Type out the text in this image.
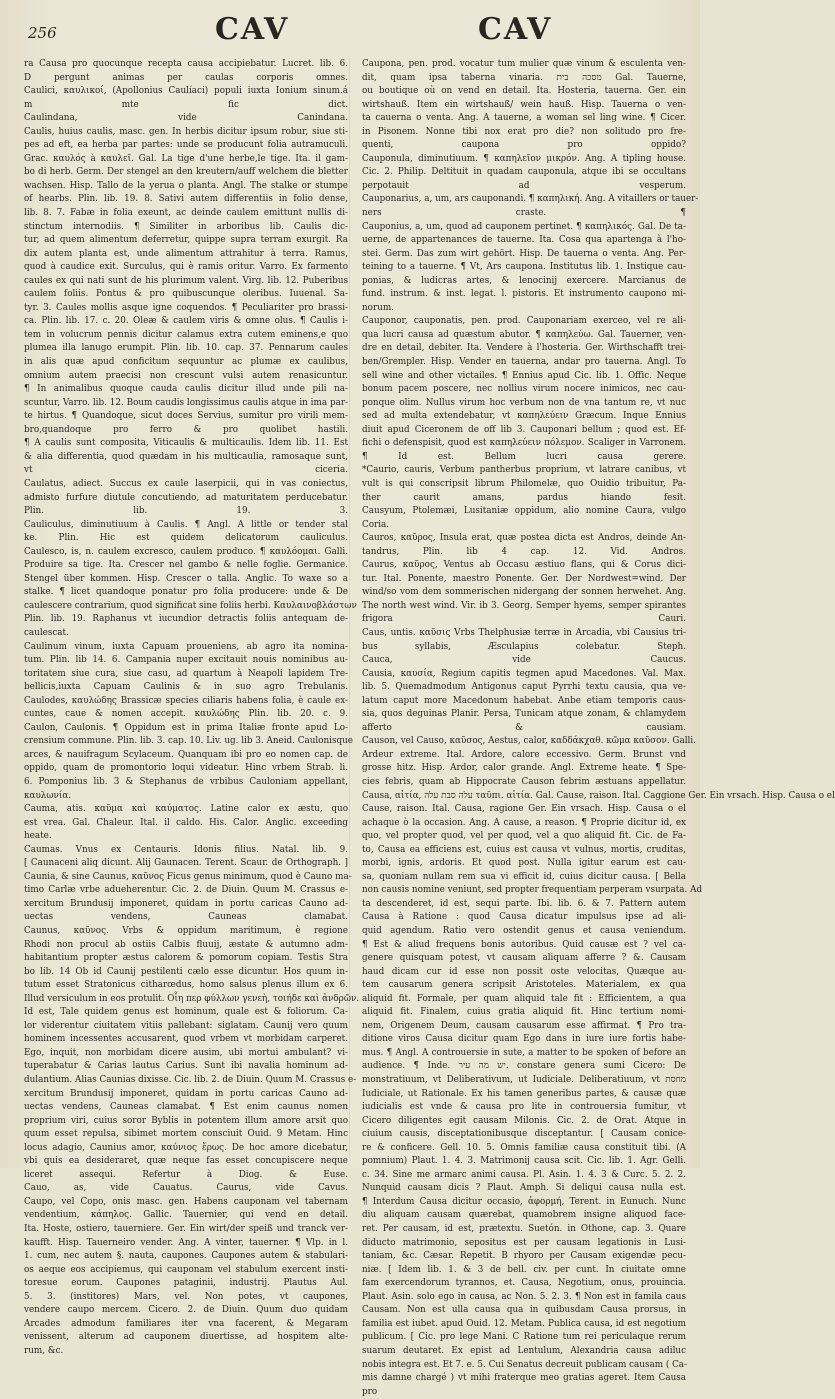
256	CAV	CAV
ra Causa pro quocunque recepta causa accipiebatur. Lucret. lib. 6.
D pergunt animas per caulas corporis omnes.
Caulici, καυλικοί, (Apollonius Caulíaci) populi iuxta Ionium sinum.á
m mte fic dict.
Caulindana, vide Canindana.
Caulis, huius caulis, masc. gen. In herbis dicitur ipsum robur, siue sti-
pes ad eft, ea herba par partes: unde se producunt folia autramuculi.
Grac. καυλός à καυλεῖ. Gal. La tige d'une herbe,le tige. Ita. il gam-
bo di herb. Germ. Der stengel an den kreutern/auff welchem die bletter
wachsen. Hisp. Tallo de la yerua o planta. Angl. The stalke or stumpe
of hearbs. Plin. lib. 19. 8. Sativi autem differentiis in folio dense,
lib. 8. 7. Fabæ in folia exeunt, ac deinde caulem emittunt nullis di-
stinctum internodiis. ¶ Similiter in arboribus lib. Caulis dic-
tur, ad quem alimentum deferretur, quippe supra terram exurgit. Ra
dix autem planta est, unde alimentum attrahitur à terra. Ramus,
quod à caudice exit. Surculus, qui è ramis oritur. Varro. Ex farmento
caules ex qui nati sunt de his plurimum valent. Virg. lib. 12. Puberibus
caulem foliis. Pontus & pro quibuscunque oleribus. Iuuenal. Sa-
tyr. 3. Caules mollis asque igne coquendos. ¶ Peculiariter pro brassi-
ca. Plin. lib. 17. c. 20. Oleæ & caulem viris & omne olus. ¶ Caulis i-
tem in volucrum pennis dicitur calamus extra cutem eminens,e quo
plumea illa lanugo erumpit. Plin. lib. 10. cap. 37. Pennarum caules
in alis quæ apud conficitum sequuntur ac plumæ ex caulibus,
omnium autem praecisi non crescunt vulsi autem renasicuntur.
¶ In animalibus quoque cauda caulis dicitur illud unde pili na-
scuntur, Varro. lib. 12. Boum caudis longissimus caulis atque in ima par-
te hirtus. ¶ Quandoque, sicut doces Servius, sumitur pro virili mem-
bro,quandoque pro ferro & pro quolibet hastili.
¶ A caulis sunt composita, Viticaulis & multicaulis. Idem lib. 11. Est
& alia differentia, quod quædam in his multicaulia, ramosaque sunt,
vt ciceria.
Caulatus, adiect. Succus ex caule laserpicii, qui in vas coniectus,
admisto furfure diutule concutiendo, ad maturitatem perducebatur.
Plin. lib. 19. 3.
Cauliculus, diminutiuum à Caulis. ¶ Angl. A little or tender stal
ke. Plin. Hic est quidem delicatorum cauliculus.
Caulesco, is, n. caulem excresco, caulem produco. ¶ καυλόομαι. Galli.
Produire sa tige. Ita. Crescer nel gambo & nelle foglie. Germanice.
Stengel über kommen. Hisp. Crescer o talla. Anglic. To waxe so a
stalke. ¶ licet quandoque ponatur pro folia producere: unde & De
caulescere contrarium, quod significat sine foliis herbi. Καυλαινοβλάστων
Plin. lib. 19. Raphanus vt iucundior detractis foliis antequam de-
caulescat.
Caulinum vinum, iuxta Capuam proueniens, ab agro ita nomina-
tum. Plin. lib 14. 6. Campania nuper excitauit nouis nominibus au-
toritatem siue cura, siue casu, ad quartum à Neapoli lapidem Tre-
bellicis,iuxta Capuam Caulinis & in suo agro Trebulanis.
Caulodes, καυλώδης Brassicæ species ciliaris habens folia, è caule ex-
cuntes, caue & nomen accepit. καυλώδης Plin. lib. 20. c. 9.
Caulon, Caulonis. ¶ Oppidum est in prima Italiæ fronte apud Lo-
crensium commune. Plin. lib. 3. cap. 10. Liv. ug. lib 3. Aneid. Caulonisque
arces, & nauifragum Scylaceum. Quanquam ibi pro eo nomen cap. de
oppido, quam de promontorio loqui videatur. Hinc vrbem Strab. li.
6. Pomponius lib. 3 & Stephanus de vrbibus Cauloniam appellant,
καυλωνία.
Cauma, atis. καῦμα καὶ καύματος. Latine calor ex æstu, quo
est vrea. Gal. Chaleur. Ital. il caldo. His. Calor. Anglic. exceeding
heate.
Caumas. Vnus ex Centauris. Idonis filius. Natal. lib. 9.
[ Caunaceni aliq dicunt. Alij Gaunacen. Terent. Scaur. de Orthograph. ]
Caunia, & sine Caunus, καῦνος Ficus genus minimum, quod è Cauno ma-
timo Carlæ vrbe adueherentur. Cic. 2. de Diuin. Quum M. Crassus e-
xercitum Brundusij imponeret, quidam in portu caricas Cauno ad-
uectas vendens, Cauneas clamabat.
Caunus, καῦνος. Vrbs & oppidum maritimum, è regione
Rhodi non procul ab ostiis Calbis fluuij, æstate & autumno adm-
habitantium propter æstus calorem & pomorum copiam. Testis Stra
bo lib. 14 Ob id Caunij pestilenti cælo esse dicuntur. Hos quum in-
tutum esset Stratonicus citharœdus, homo salsus plenus illum ex 6.
Illud versiculum in eos protulit. Οἷη περ φύλλων γενεὴ, τοιήδε καὶ ἀνδρῶν.
Id est, Tale quidem genus est hominum, quale est & foliorum. Ca-
lor viderentur ciuitatem vitiis pallebant: siglatam. Caunij vero quum
hominem incessentes accusarent, quod vrbem vt morbidam carperet.
Ego, inquit, non morbidam dicere ausim, ubi mortui ambulant? vi-
tuperabatur & Carias lautus Carius. Sunt ibi navalia hominum ad-
dulantium. Alias Caunias dixisse. Cic. lib. 2. de Diuin. Quum M. Crassus e-
xercitum Brundusij imponeret, quidam in portu caricas Cauno ad-
uectas vendens, Cauneas clamabat. ¶ Est enim caunus nomen
proprium viri, cuius soror Byblis in potentem illum amore arsit quo
quum esset repulsa, sibimet mortem consciuit Ouid. 9 Metam. Hinc
locus adagio, Caunius amor, καύνιος ἔρως. De hoc amore dicebatur,
vbi quis ea desideraret, quæ neque fas esset concupiscere neque
liceret assequi. Refertur à Diog. & Euse.
Cauo, as, vide Cauatus. Caurus, vide Cavus.
Caupo, vel Copo, onis masc. gen. Habens cauponam vel tabernam
vendentium, κάπηλος. Gallic. Tauernier, qui vend en detail.
Ita. Hoste, ostiero, tauerniere. Ger. Ein wirt/der speiß und tranck ver-
kaufft. Hisp. Tauerneiro vender. Ang. A vinter, tauerner. ¶ Vlp. in l.
1. cum, nec autem §. nauta, caupones. Caupones autem & stabulari-
os aeque eos accipiemus, qui cauponam vel stabulum exercent insti-
toresue eorum. Caupones pataginii, industrij. Plautus Aul.
5. 3. (institores) Mars, vel. Non potes, vt caupones,
vendere caupo mercem. Cicero. 2. de Diuin. Quum duo quidam
Arcades admodum familiares iter vna facerent, & Megaram
venissent, alterum ad cauponem diuertisse, ad hospitem alte-
rum, &c.
Caupona, pen. prod. vocatur tum mulier quæ vinum & esculenta ven-
dit, quam ipsa taberna vinaria. מסכה בית Gal. Tauerne,
ou boutique où on vend en detail. Ita. Hosteria, tauerna. Ger. ein
wirtshauß. Item ein wirtshauß/ wein hauß. Hisp. Tauerna o ven-
ta cauerna o venta. Ang. A tauerne, a woman sel ling wine. ¶ Cicer.
in Pisonem. Nonne tibi nox erat pro die? non solitudo pro fre-
quenti, caupona pro oppido?
Cauponula, diminutiuum. ¶ καπηλεῖον μικρόν. Ang. A tipling house.
Cic. 2. Philip. Deltituit in quadam cauponula, atque ibi se occultans
perpotauit ad vesperum.
Cauponarius, a, um, ars cauponandi. ¶ καπηλική. Ang. A vitaillers or tauer-
ners craste. ¶
Cauponius, a, um, quod ad cauponem pertinet. ¶ καπηλικός. Gal. De ta-
uerne, de appartenances de tauerne. Ita. Cosa qua apartenga à l'ho-
stei. Germ. Das zum wirt gehört. Hisp. De tauerna o venta. Ang. Per-
teining to a tauerne. ¶ Vt, Ars caupona. Institutus lib. 1. Instique cau-
ponias, & ludicras artes, & lenocinij exercere. Marcianus de
fund. instrum. & inst. legat. l. pistoris. Et instrumento caupono mi-
norum.
Cauponor, cauponatis, pen. prod. Cauponariam exerceo, vel re ali-
qua lucri causa ad quæstum abutor. ¶ καπηλεύω. Gal. Tauerner, ven-
dre en detail, debiter. Ita. Vendere à l'hosteria. Ger. Wirthschafft trei-
ben/Grempler. Hisp. Vender en tauerna, andar pro tauerna. Angl. To
sell wine and other victailes. ¶ Ennius apud Cic. lib. 1. Offic. Neque
bonum pacem poscere, nec nollius virum nocere inimicos, nec cau-
ponque olim. Nullus virum hoc verbum non de vna tantum re, vt nuc
sed ad multa extendebatur, vt καπηλεύειν Græcum. Inque Ennius
diuit apud Ciceronem de off lib 3. Cauponari bellum ; quod est. Ef-
fichi o defenspisit, quod est καπηλεύειν πόλεμον. Scaliger in Varronem.
¶ Id est. Bellum lucri causa gerere.
*Caurio, cauris, Verbum pantherbus proprium, vt latrare canibus, vt
vult is qui conscripsit librum Philomelæ, quo Ouidio tribuitur, Pa-
ther caurit amans, pardus hiando fesit.
Causyum, Ptolemæi, Lusitaniæ oppidum, alio nomine Caura, vulgo
Coria.
Cauros, καῦρος, Insula erat, quæ postea dicta est Andros, deinde An-
tandrus, Plin. lib 4 cap. 12. Vid. Andros.
Caurus, καῦρος, Ventus ab Occasu æstiuo flans, qui & Corus dici-
tur. Ital. Ponente, maestro Ponente. Ger. Der Nordwest=wind. Der
wind/so vom dem sommerischen nidergang der sonnen herwehet. Ang.
The north west wind. Vir. ib 3. Georg. Semper hyems, semper spirantes
frigora Cauri.
Caus, untis. καῦσις Vrbs Thelphusiæ terræ in Arcadia, vbi Causius tri-
bus syllabis, Æsculapius colebatur. Steph.
Cauca, vide Caucus.
Causia, καυσία, Regium capitis tegmen apud Macedones. Val. Max.
lib. 5. Quemadmodum Antigonus caput Pyrrhi textu causia, qua ve-
latum caput more Macedonum habebat. Anbe etiam temporis caus-
sia, quos deguinas Planir. Persa, Tunicam atque zonam, & chlamydem
afferto & causiam.
Causon, vel Causo, καῦσος, Aestus, calor, καδδάκχαθ. κῶμα καῦσον. Galli.
Ardeur extreme. Ital. Ardore, calore eccessivo. Germ. Brunst vnd
grosse hitz. Hisp. Ardor, calor grande. Angl. Extreme heate. ¶ Spe-
cies febris, quam ab Hippocrate Causon febrim æstuans appellatur.
Causa, αἰτία, עלה סבת עלה ταῦπι. αἰτία. Gal. Cause, raison. Ital. Caggione Ger. Ein vrsach. Hisp. Causa o el
Cause, raison. Ital. Causa, ragione Ger. Ein vrsach. Hisp. Causa o el
achaque ò la occasion. Ang. A cause, a reason. ¶ Proprie dicitur id, ex
quo, vel propter quod, vel per quod, vel a quo aliquid fit. Cic. de Fa-
to, Causa ea efficiens est, cuius est causa vt vulnus, mortis, cruditas,
morbi, ignis, ardoris. Et quod post. Nulla igitur earum est cau-
sa, quoniam nullam rem sua vi efficit id, cuius dicitur causa. [ Bella
non causis nomine veniunt, sed propter frequentiam perperam vsurpata. Ad
ta descenderet, id est, sequi parte. Ibi. lib. 6. & 7. Pattern autem
Causa à Ratione : quod Causa dicatur impulsus ipse ad ali-
quid agendum. Ratio vero ostendit genus et causa veniendum.
¶ Est & aliud frequens bonis autoribus. Quid causæ est ? vel ca-
genere quisquam potest, vt causam aliquam afferre ? &. Causam
haud dicam cur id esse non possit oste velocitas, Quæque au-
tem causarum genera scripsit Aristoteles. Materialem, ex qua
aliquid fit. Formale, per quam aliquid tale fit : Efficientem, a qua
aliquid fit. Finalem, cuius gratia aliquid fit. Hinc tertium nomi-
nem, Origenem Deum, causam causarum esse affirmat. ¶ Pro tra-
ditione viros Causa dicitur quam Ego dans in iure iure fortis habe-
mus. ¶ Angl. A controuersie in sute, a matter to be spoken of before an
audience. ¶ Inde. יש מה עיר. constare genera sumi Cicero: De
monstratiuum, vt Deliberativum, ut Iudiciale. Deliberatiuum, vt מחסת
Iudiciale, ut Rationale. Ex his tamen generibus partes, & causæ quæ
iudicialis est vnde & causa pro lite in controuersia fumitur, vt
Cicero diligentes egit causam Milonis. Cic. 2. de Orat. Atque in
ciuium causis, disceptationibusque disceptantur. [ Causam conice-
re & conficere. Gell. 10. 5. Omnis familiæ causa constituit tibi. (A
pomnium) Plaut. 1. 4. 3. Matrimonij causa scit. Cic. lib. 1. Agr. Gelli.
c. 34. Sine me armarc animi causa. Pl. Asin. 1. 4. 3 & Curc. 5. 2. 2.
Nunquid causam dicis ? Plaut. Amph. Si deliqui causa nulla est.
¶ Interdum Causa dicitur occasio, ἀφορμή, Terent. in Eunuch. Nunc
diu aliquam causam quærebat, quamobrem insigne aliquod face-
ret. Per causam, id est, prætextu. Suetón. in Othone, cap. 3. Quare
diducto matrimonio, sepositus est per causam legationis in Lusi-
taniam, &c. Cæsar. Repetit. B rhyoro per Causam exigendæ pecu-
niæ. [ Idem lib. 1. & 3 de bell. civ. per cunt. In ciuitate omne
fam exercendorum tyrannos, et. Causa, Negotium, onus, prouincia.
Plaut. Asin. solo ego in causa, ac Non. 5. 2. 3. ¶ Non est in famila caus
Causam. Non est ulla causa qua in quibusdam Causa prorsus, in
familia est iubet. apud Ouid. 12. Metam. Publica causa, id est negotium
publicum. [ Cic. pro lege Mani. C Ratione tum rei periculaque rerum
suarum deutaret. Ex epist ad Lentulum, Alexandria causa adiluc
nobis integra est. Et 7. e. 5. Cui Senatus decreuit publicam causam ( Ca-
mis damne chargé ) vt mihi fraterque meo gratias ageret. Item Causa
pro
